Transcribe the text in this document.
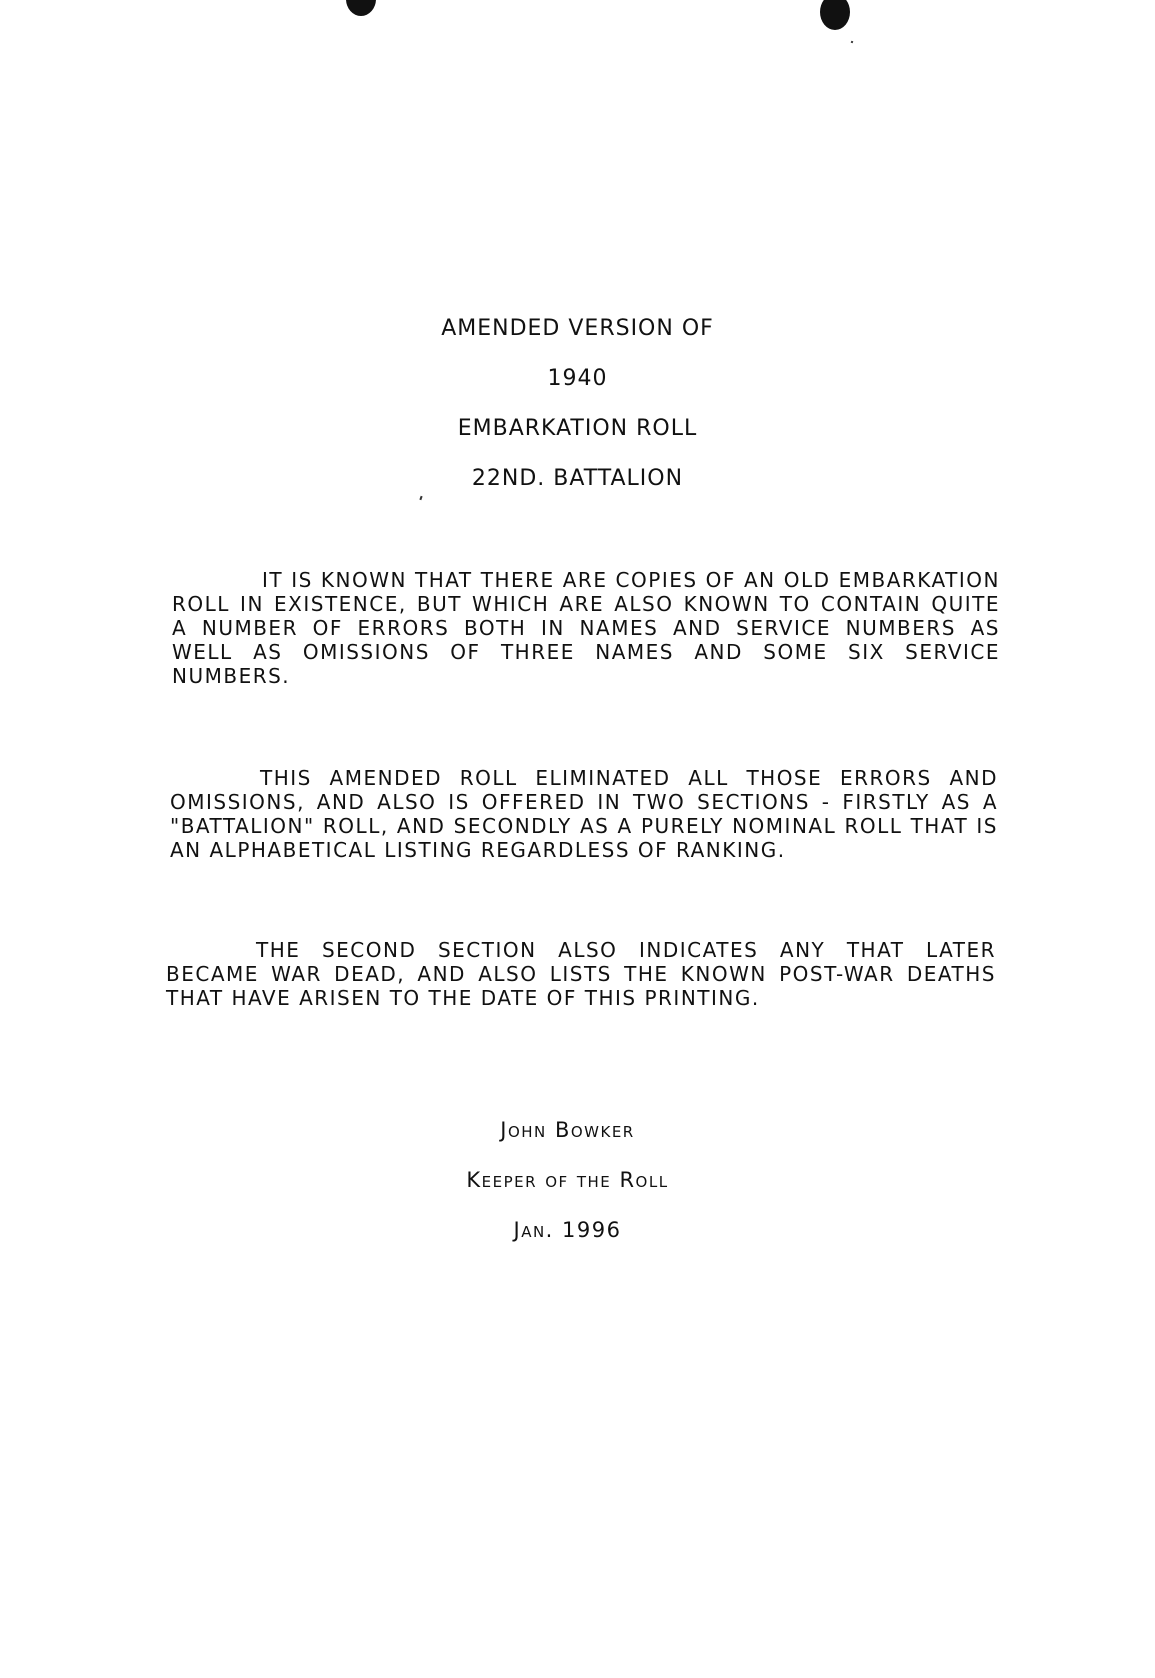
AMENDED VERSION OF
1940
EMBARKATION ROLL
22ND. BATTALION

IT IS KNOWN THAT THERE ARE COPIES OF AN OLD EMBARKATION ROLL IN EXISTENCE, BUT WHICH ARE ALSO KNOWN TO CONTAIN QUITE A NUMBER OF ERRORS BOTH IN NAMES AND SERVICE NUMBERS AS WELL AS OMISSIONS OF THREE NAMES AND SOME SIX SERVICE NUMBERS.

THIS AMENDED ROLL ELIMINATED ALL THOSE ERRORS AND OMISSIONS, AND ALSO IS OFFERED IN TWO SECTIONS - FIRSTLY AS A "BATTALION" ROLL, AND SECONDLY AS A PURELY NOMINAL ROLL THAT IS AN ALPHABETICAL LISTING REGARDLESS OF RANKING.

THE SECOND SECTION ALSO INDICATES ANY THAT LATER BECAME WAR DEAD, AND ALSO LISTS THE KNOWN POST-WAR DEATHS THAT HAVE ARISEN TO THE DATE OF THIS PRINTING.

John Bowker
Keeper of the Roll
Jan. 1996
